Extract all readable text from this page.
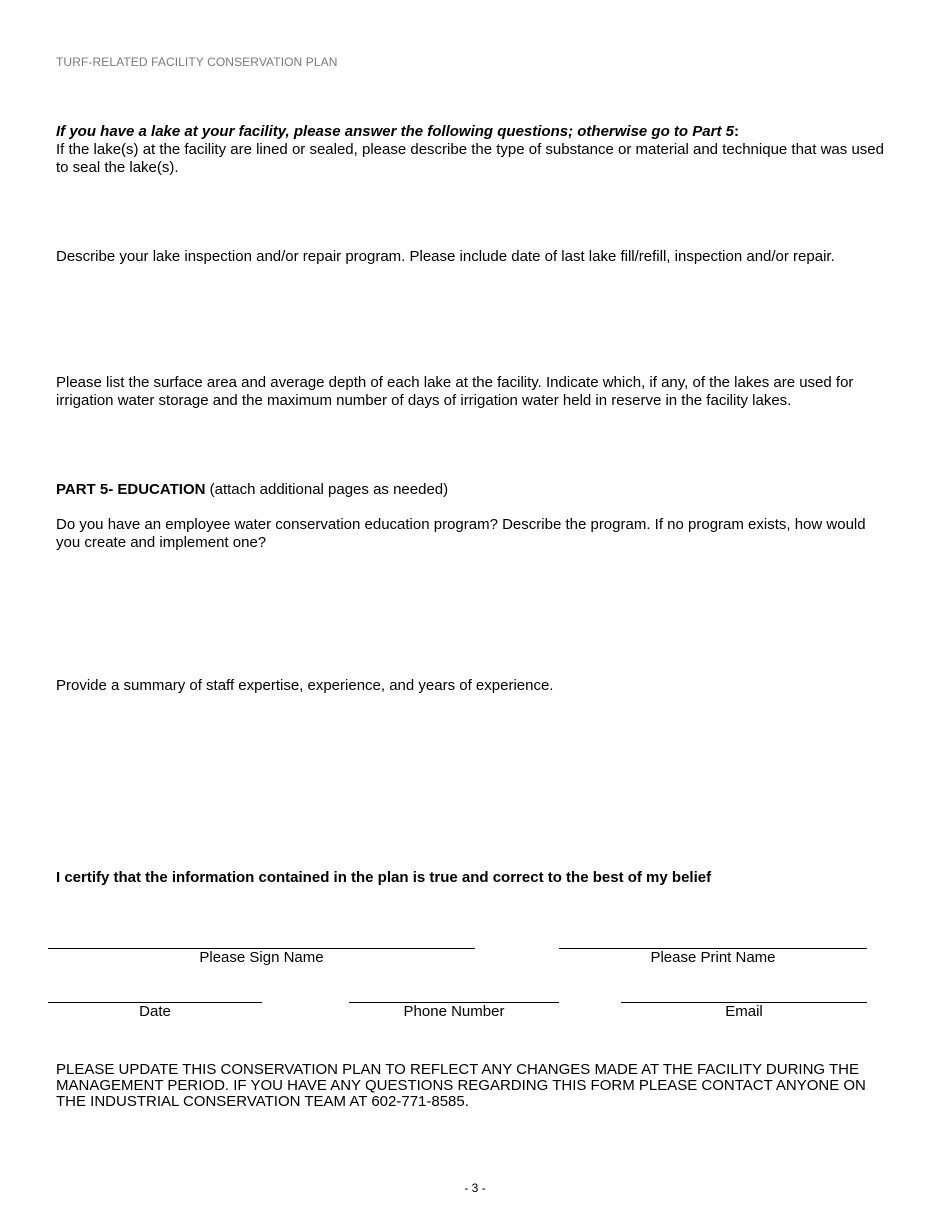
TURF-RELATED FACILITY CONSERVATION PLAN
If you have a lake at your facility, please answer the following questions; otherwise go to Part 5:
If the lake(s) at the facility are lined or sealed, please describe the type of substance or material and technique that was used to seal the lake(s).
Describe your lake inspection and/or repair program. Please include date of last lake fill/refill, inspection and/or repair.
Please list the surface area and average depth of each lake at the facility. Indicate which, if any, of the lakes are used for irrigation water storage and the maximum number of days of irrigation water held in reserve in the facility lakes.
PART 5- EDUCATION (attach additional pages as needed)
Do you have an employee water conservation education program? Describe the program. If no program exists, how would you create and implement one?
Provide a summary of staff expertise, experience, and years of experience.
I certify that the information contained in the plan is true and correct to the best of my belief
Please Sign Name	Please Print Name
Date	Phone Number	Email
PLEASE UPDATE THIS CONSERVATION PLAN TO REFLECT ANY CHANGES MADE AT THE FACILITY DURING THE MANAGEMENT PERIOD. IF YOU HAVE ANY QUESTIONS REGARDING THIS FORM PLEASE CONTACT ANYONE ON THE INDUSTRIAL CONSERVATION TEAM AT 602-771-8585.
- 3 -
